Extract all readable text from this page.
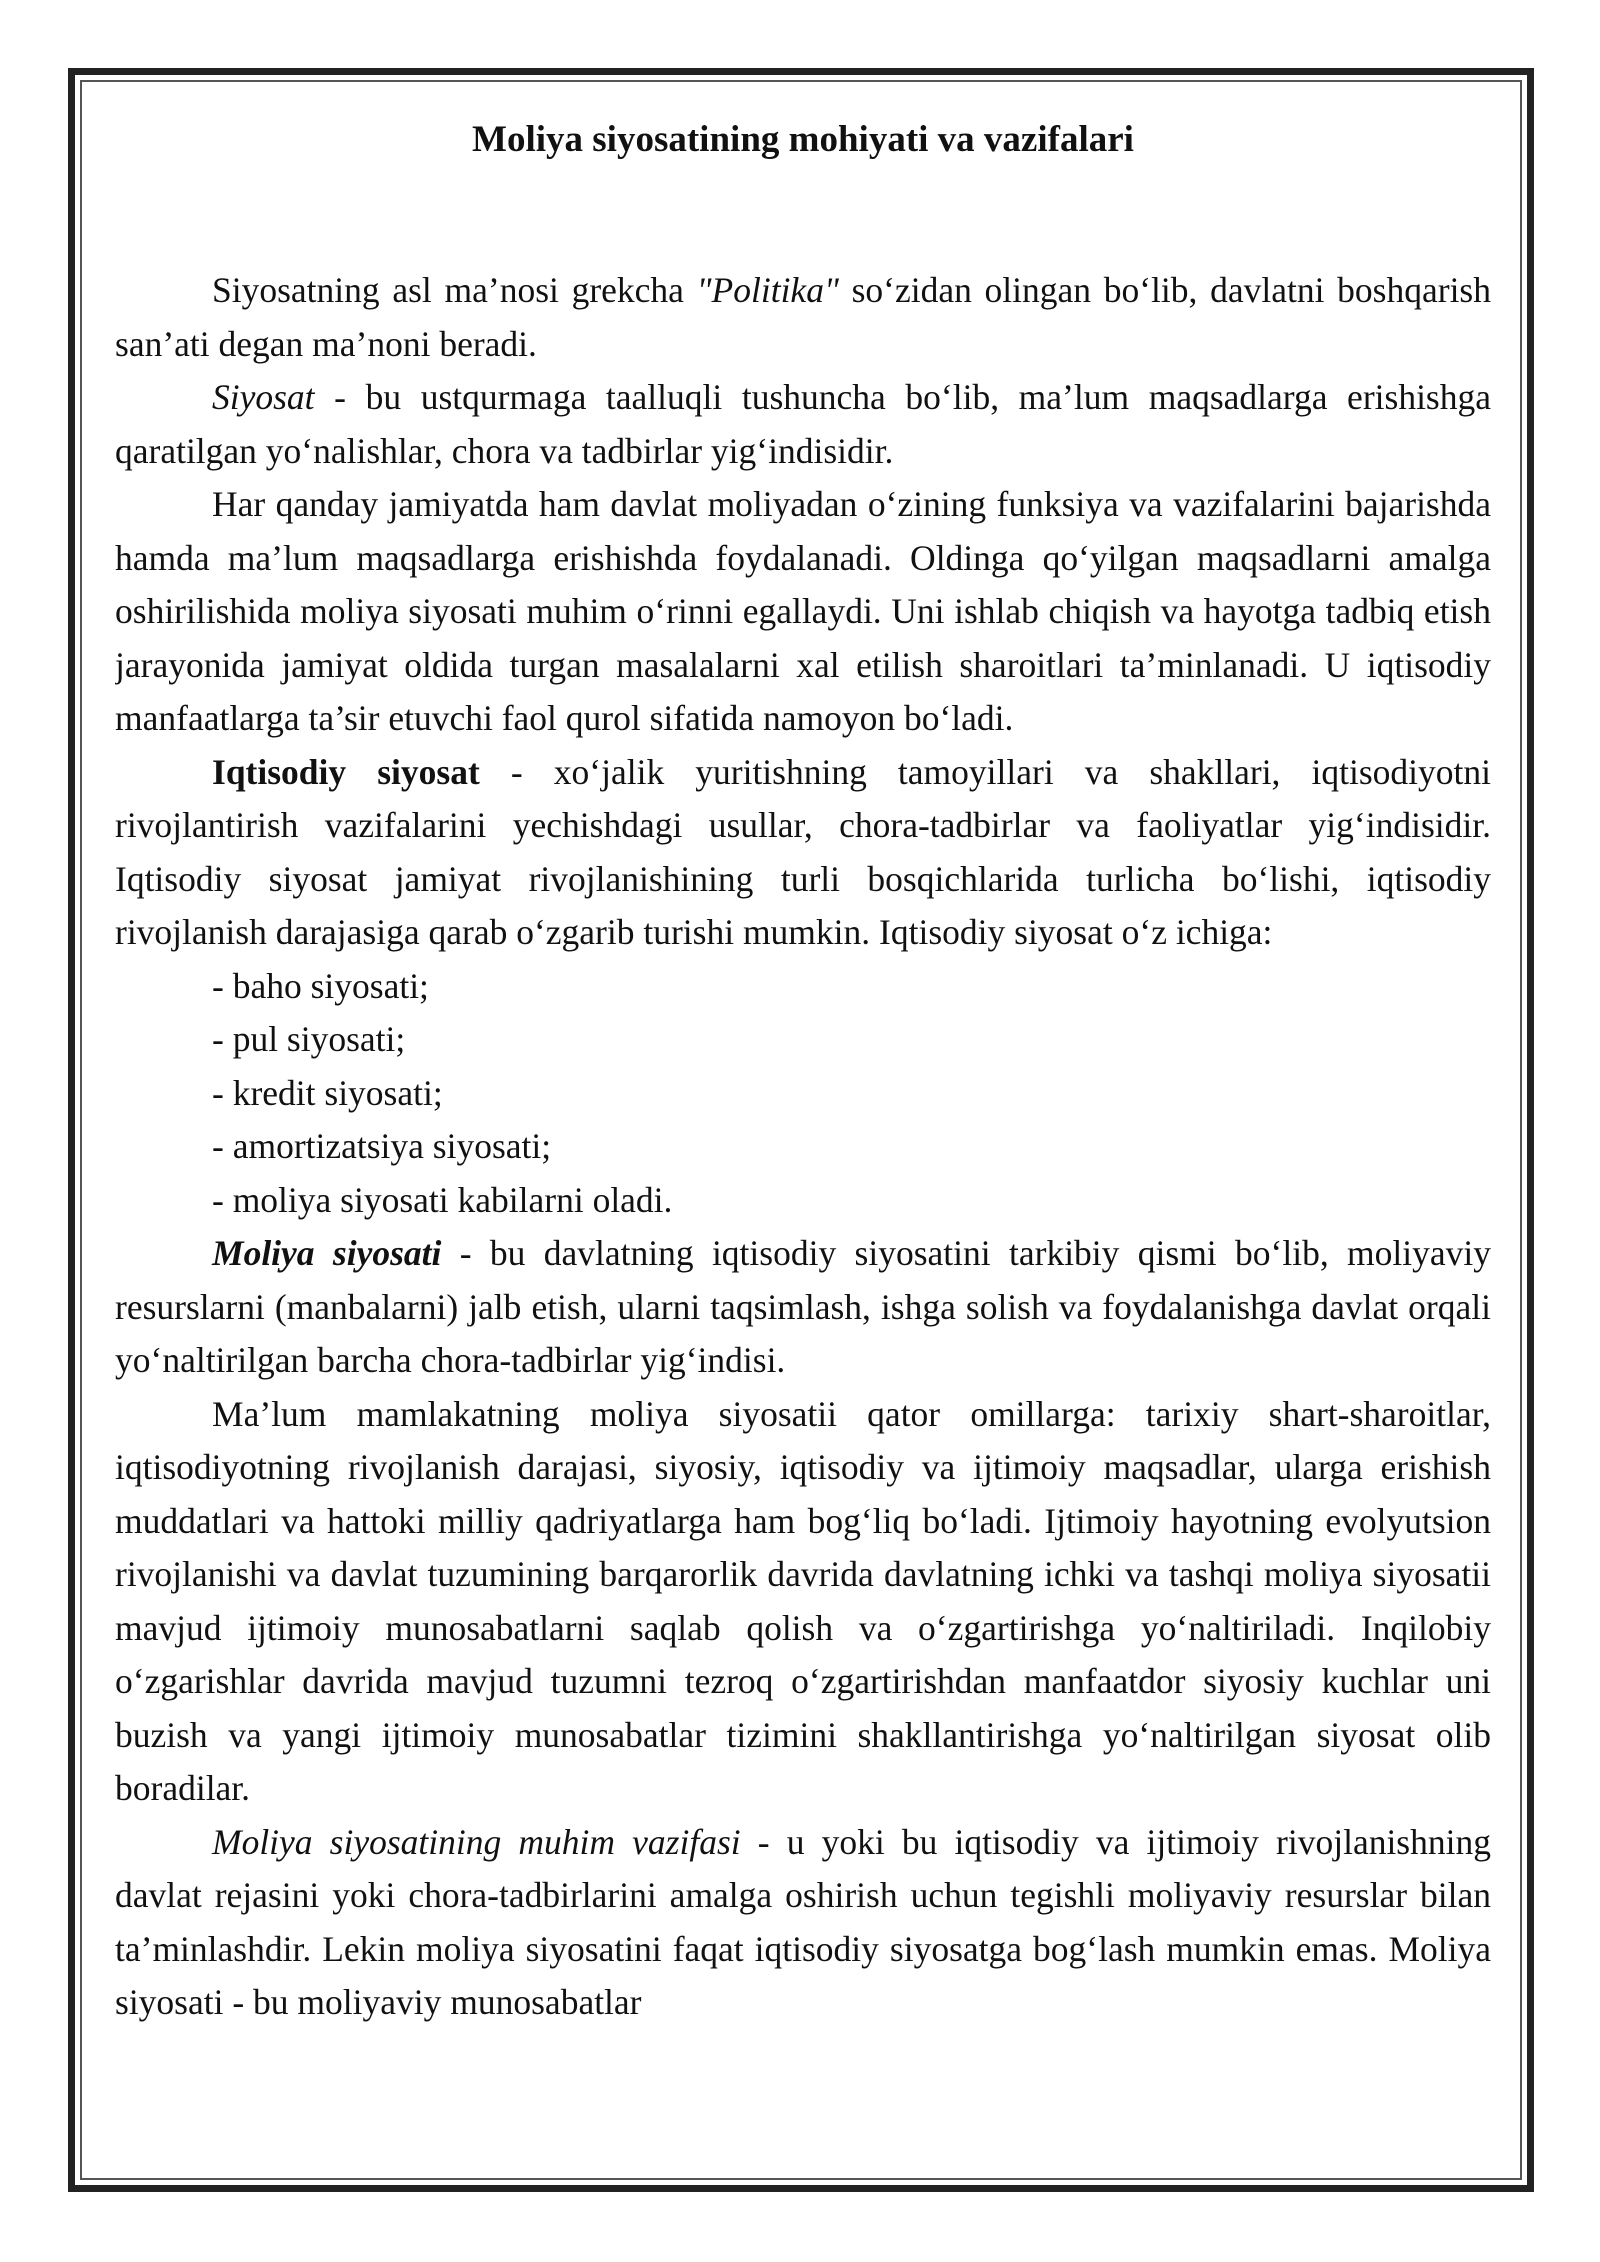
Moliya siyosatining mohiyati va vazifalari

Siyosatning asl ma’nosi grekcha "Politika" so‘zidan olingan bo‘lib, davlatni boshqarish san’ati degan ma’noni beradi.

Siyosat - bu ustqurmaga taalluqli tushuncha bo‘lib, ma’lum maqsadlarga erishishga qaratilgan yo‘nalishlar, chora va tadbirlar yig‘indisidir.

Har qanday jamiyatda ham davlat moliyadan o‘zining funksiya va vazifalarini bajarishda hamda ma’lum maqsadlarga erishishda foydalanadi. Oldinga qo‘yilgan maqsadlarni amalga oshirilishida moliya siyosati muhim o‘rinni egallaydi. Uni ishlab chiqish va hayotga tadbiq etish jarayonida jamiyat oldida turgan masalalarni xal etilish sharoitlari ta’minlanadi. U iqtisodiy manfaatlarga ta’sir etuvchi faol qurol sifatida namoyon bo‘ladi.

Iqtisodiy siyosat - xo‘jalik yuritishning tamoyillari va shakllari, iqtisodiyotni rivojlantirish vazifalarini yechishdagi usullar, chora-tadbirlar va faoliyatlar yig‘indisidir. Iqtisodiy siyosat jamiyat rivojlanishining turli bosqichlarida turlicha bo‘lishi, iqtisodiy rivojlanish darajasiga qarab o‘zgarib turishi mumkin. Iqtisodiy siyosat o‘z ichiga:

- baho siyosati;

- pul siyosati;

- kredit siyosati;

- amortizatsiya siyosati;

- moliya siyosati kabilarni oladi.

Moliya siyosati - bu davlatning iqtisodiy siyosatini tarkibiy qismi bo‘lib, moliyaviy resurslarni (manbalarni) jalb etish, ularni taqsimlash, ishga solish va foydalanishga davlat orqali yo‘naltirilgan barcha chora-tadbirlar yig‘indisi.

Ma’lum mamlakatning moliya siyosatii qator omillarga: tarixiy shart-sharoitlar, iqtisodiyotning rivojlanish darajasi, siyosiy, iqtisodiy va ijtimoiy maqsadlar, ularga erishish muddatlari va hattoki milliy qadriyatlarga ham bog‘liq bo‘ladi. Ijtimoiy hayotning evolyutsion rivojlanishi va davlat tuzumining barqarorlik davrida davlatning ichki va tashqi moliya siyosatii mavjud ijtimoiy munosabatlarni saqlab qolish va o‘zgartirishga yo‘naltiriladi. Inqilobiy o‘zgarishlar davrida mavjud tuzumni tezroq o‘zgartirishdan manfaatdor siyosiy kuchlar uni buzish va yangi ijtimoiy munosabatlar tizimini shakllantirishga yo‘naltirilgan siyosat olib boradilar.

Moliya siyosatining muhim vazifasi - u yoki bu iqtisodiy va ijtimoiy rivojlanishning davlat rejasini yoki chora-tadbirlarini amalga oshirish uchun tegishli moliyaviy resurslar bilan ta’minlashdir. Lekin moliya siyosatini faqat iqtisodiy siyosatga bog‘lash mumkin emas. Moliya siyosati - bu moliyaviy munosabatlar
